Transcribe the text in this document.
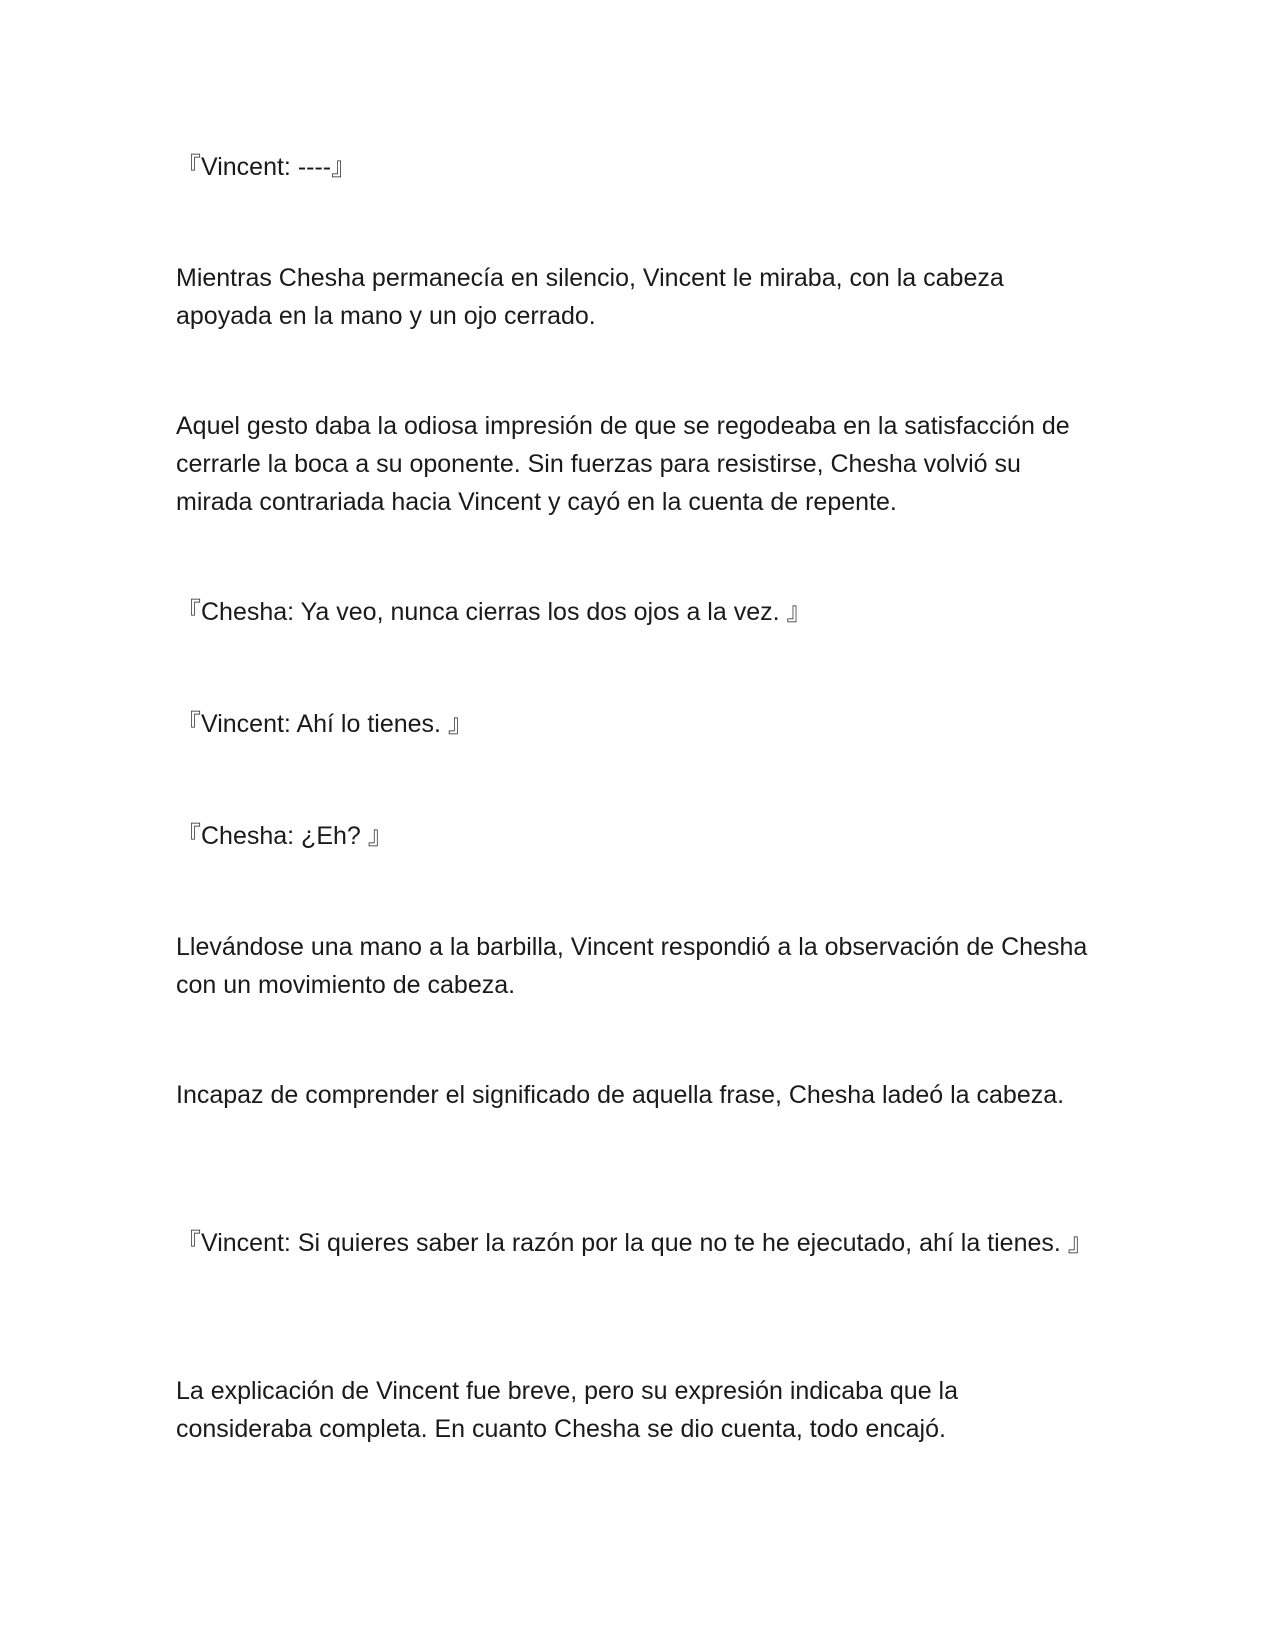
『Vincent: ----』

Mientras Chesha permanecía en silencio, Vincent le miraba, con la cabeza apoyada en la mano y un ojo cerrado.

Aquel gesto daba la odiosa impresión de que se regodeaba en la satisfacción de cerrarle la boca a su oponente. Sin fuerzas para resistirse, Chesha volvió su mirada contrariada hacia Vincent y cayó en la cuenta de repente.

『Chesha: Ya veo, nunca cierras los dos ojos a la vez. 』

『Vincent: Ahí lo tienes. 』

『Chesha: ¿Eh? 』

Llevándose una mano a la barbilla, Vincent respondió a la observación de Chesha con un movimiento de cabeza.

Incapaz de comprender el significado de aquella frase, Chesha ladeó la cabeza.

『Vincent: Si quieres saber la razón por la que no te he ejecutado, ahí la tienes. 』

La explicación de Vincent fue breve, pero su expresión indicaba que la consideraba completa. En cuanto Chesha se dio cuenta, todo encajó.
